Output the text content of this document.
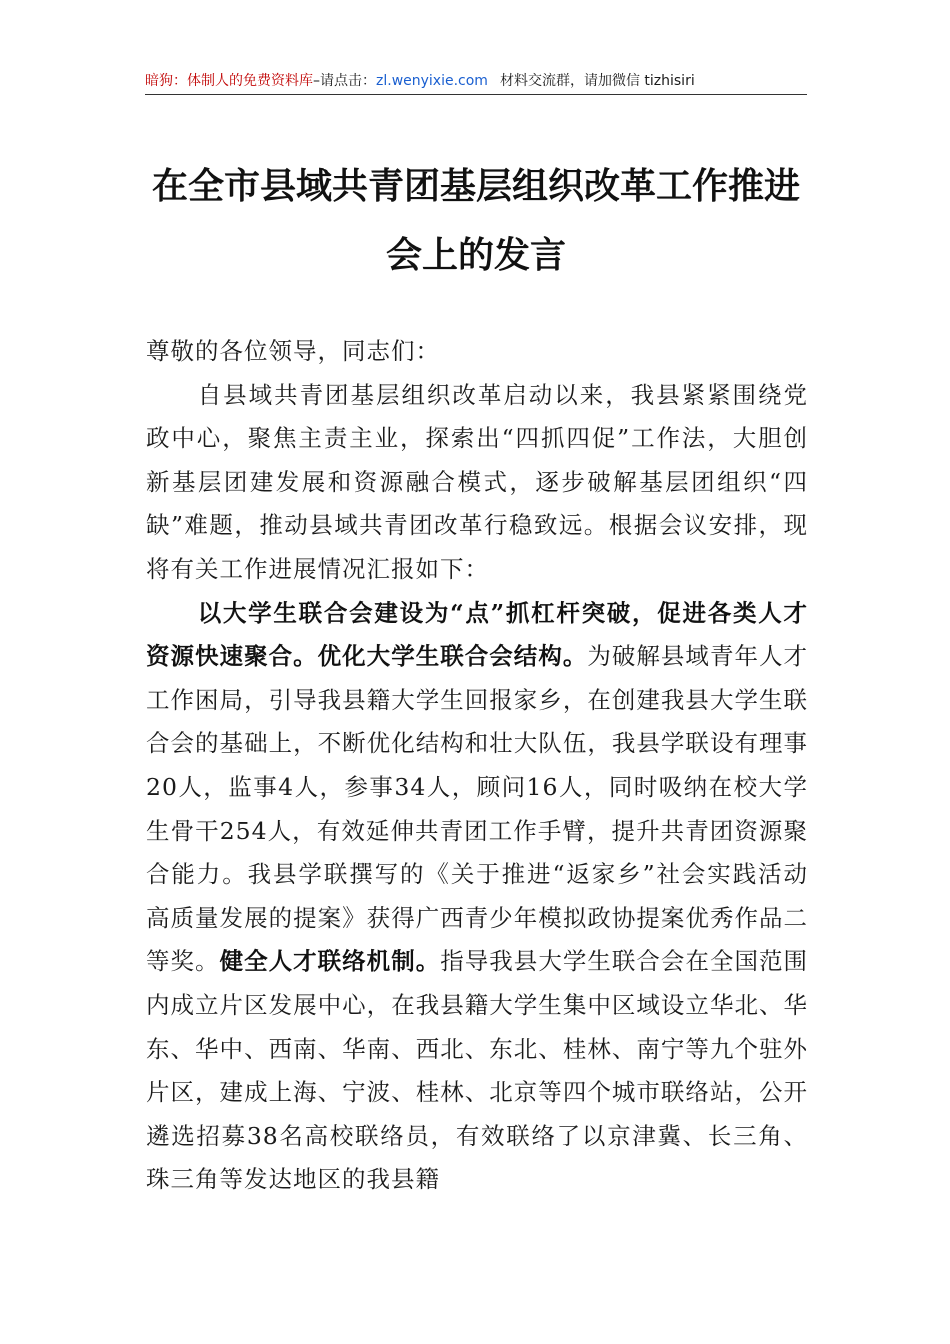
暗狗：体制人的免费资料库–请点击：zl.wenyixie.com 材料交流群，请加微信 tizhisiri
在全市县域共青团基层组织改革工作推进
会上的发言

尊敬的各位领导，同志们：

自县域共青团基层组织改革启动以来，我县紧紧围绕党政中心，聚焦主责主业，探索出“四抓四促”工作法，大胆创新基层团建发展和资源融合模式，逐步破解基层团组织“四缺”难题，推动县域共青团改革行稳致远。根据会议安排，现将有关工作进展情况汇报如下：

以大学生联合会建设为“点”抓杠杆突破，促进各类人才资源快速聚合。优化大学生联合会结构。为破解县域青年人才工作困局，引导我县籍大学生回报家乡，在创建我县大学生联合会的基础上，不断优化结构和壮大队伍，我县学联设有理事20人，监事4人，参事34人，顾问16人，同时吸纳在校大学生骨干254人，有效延伸共青团工作手臂，提升共青团资源聚合能力。我县学联撰写的《关于推进“返家乡”社会实践活动高质量发展的提案》获得广西青少年模拟政协提案优秀作品二等奖。健全人才联络机制。指导我县大学生联合会在全国范围内成立片区发展中心，在我县籍大学生集中区域设立华北、华东、华中、西南、华南、西北、东北、桂林、南宁等九个驻外片区，建成上海、宁波、桂林、北京等四个城市联络站，公开遴选招募38名高校联络员，有效联络了以京津冀、长三角、珠三角等发达地区的我县籍
